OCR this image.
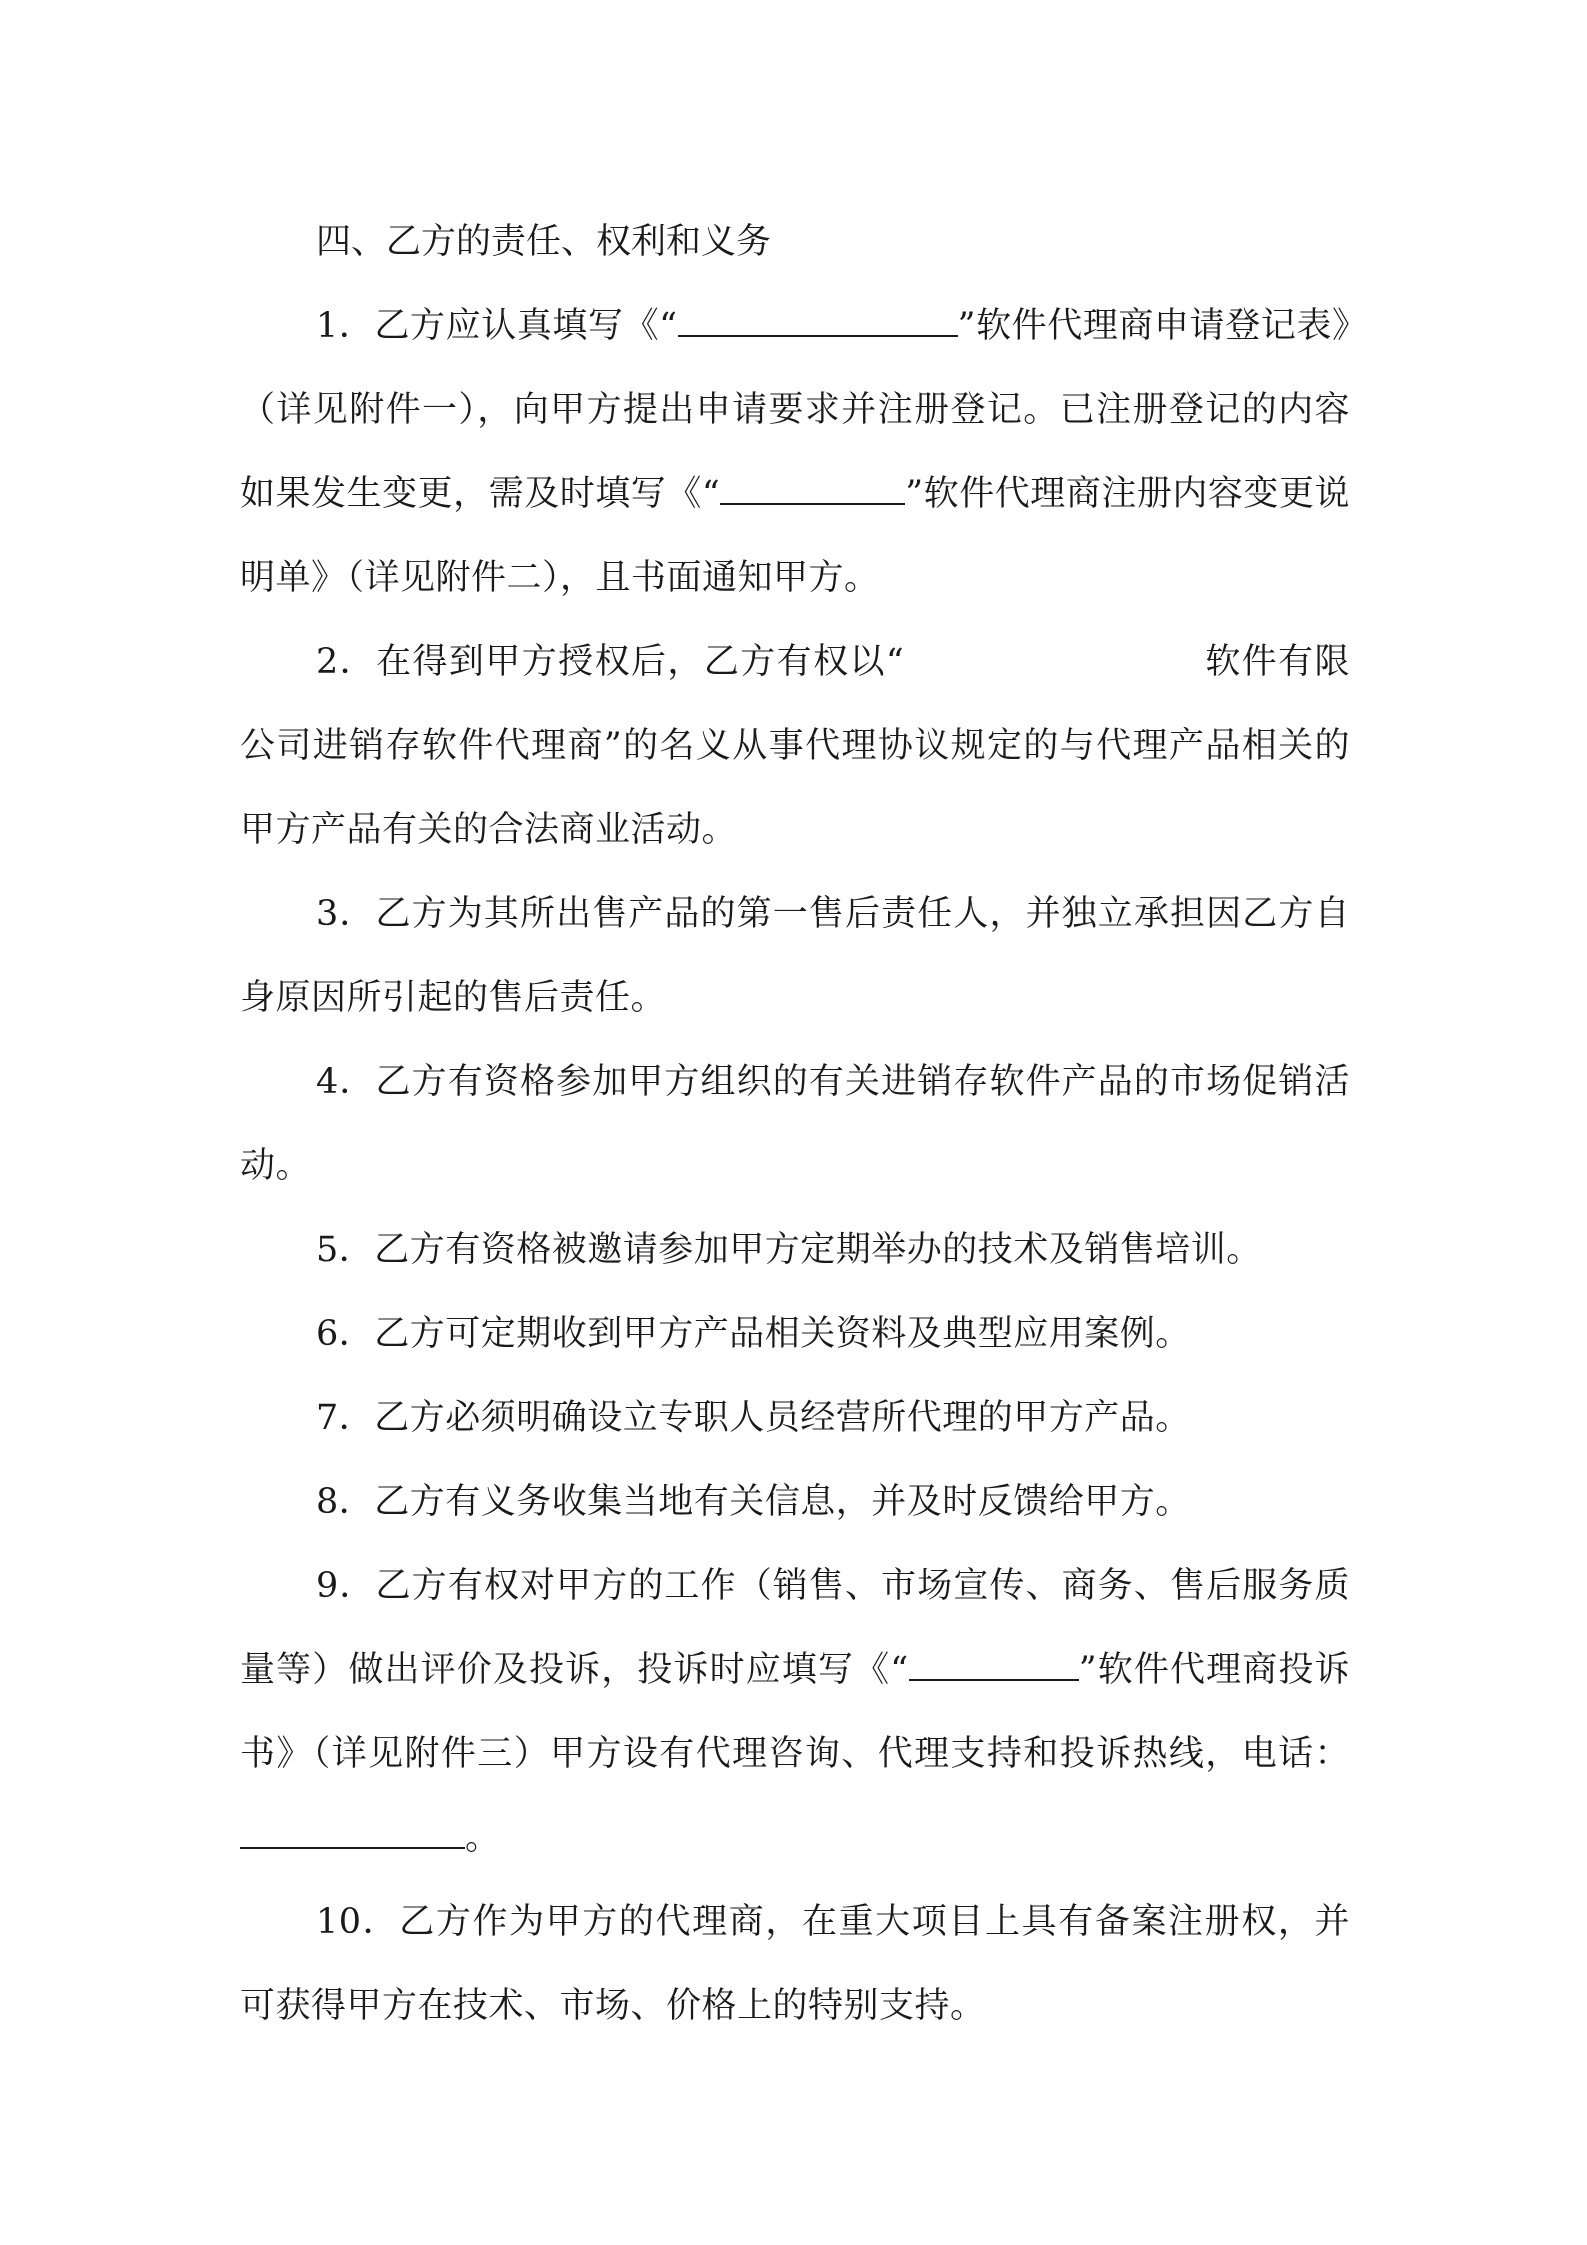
四、乙方的责任、权利和义务

1．乙方应认真填写《“	”软件代理商申请登记表》（详见附件一），向甲方提出申请要求并注册登记。已注册登记的内容如果发生变更，需及时填写《“	”软件代理商注册内容变更说明单》（详见附件二），且书面通知甲方。

2．在得到甲方授权后，乙方有权以“	软件有限公司进销存软件代理商”的名义从事代理协议规定的与代理产品相关的甲方产品有关的合法商业活动。

3．乙方为其所出售产品的第一售后责任人，并独立承担因乙方自身原因所引起的售后责任。

4．乙方有资格参加甲方组织的有关进销存软件产品的市场促销活动。

5．乙方有资格被邀请参加甲方定期举办的技术及销售培训。

6．乙方可定期收到甲方产品相关资料及典型应用案例。

7．乙方必须明确设立专职人员经营所代理的甲方产品。

8．乙方有义务收集当地有关信息，并及时反馈给甲方。

9．乙方有权对甲方的工作（销售、市场宣传、商务、售后服务质量等）做出评价及投诉，投诉时应填写《“	”软件代理商投诉书》（详见附件三）甲方设有代理咨询、代理支持和投诉热线，电话：。

10．乙方作为甲方的代理商，在重大项目上具有备案注册权，并可获得甲方在技术、市场、价格上的特别支持。
